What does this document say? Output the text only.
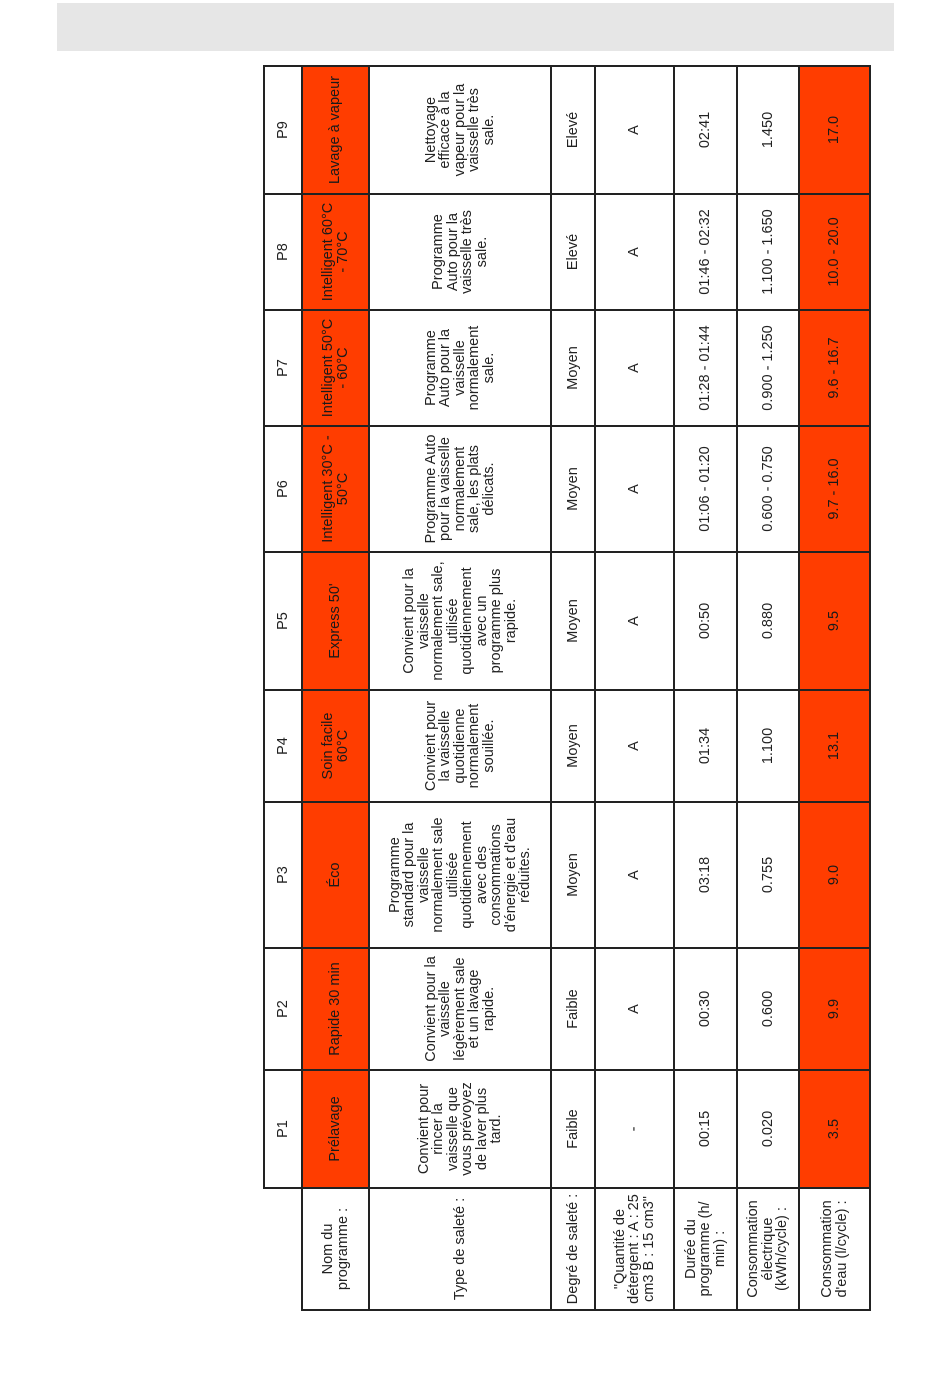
	P1	P2	P3	P4	P5	P6	P7	P8	P9
Nom du programme :	Prélavage	Rapide 30 min	Éco	Soin facile 60°C	Express 50'	Intelligent 30°C - 50°C	Intelligent 50°C - 60°C	Intelligent 60°C - 70°C	Lavage à vapeur
Type de saleté :	Convient pour rincer la vaisselle que vous prévoyez de laver plus tard.	Convient pour la vaisselle légèrement sale et un lavage rapide.	Programme standard pour la vaisselle normalement sale utilisée quotidiennement avec des consommations d'énergie et d'eau réduites.	Convient pour la vaisselle quotidienne normalement souillée.	Convient pour la vaisselle normalement sale, utilisée quotidiennement avec un programme plus rapide.	Programme Auto pour la vaisselle normalement sale, les plats délicats.	Programme Auto pour la vaisselle normalement sale.	Programme Auto pour la vaisselle très sale.	Nettoyage efficace à la vapeur pour la vaisselle très sale.
Degré de saleté :	Faible	Faible	Moyen	Moyen	Moyen	Moyen	Moyen	Elevé	Elevé
"Quantité de détergent : A : 25 cm3 B : 15 cm3"	-	A	A	A	A	A	A	A	A
Durée du programme (h/ min) :	00:15	00:30	03:18	01:34	00:50	01:06 - 01:20	01:28 - 01:44	01:46 - 02:32	02:41
Consommation électrique (kWh/cycle) :	0.020	0.600	0.755	1.100	0.880	0.600 - 0.750	0.900 - 1.250	1.100 - 1.650	1.450
Consommation d'eau (l/cycle) :	3.5	9.9	9.0	13.1	9.5	9.7 - 16.0	9.6 - 16.7	10.0 - 20.0	17.0
